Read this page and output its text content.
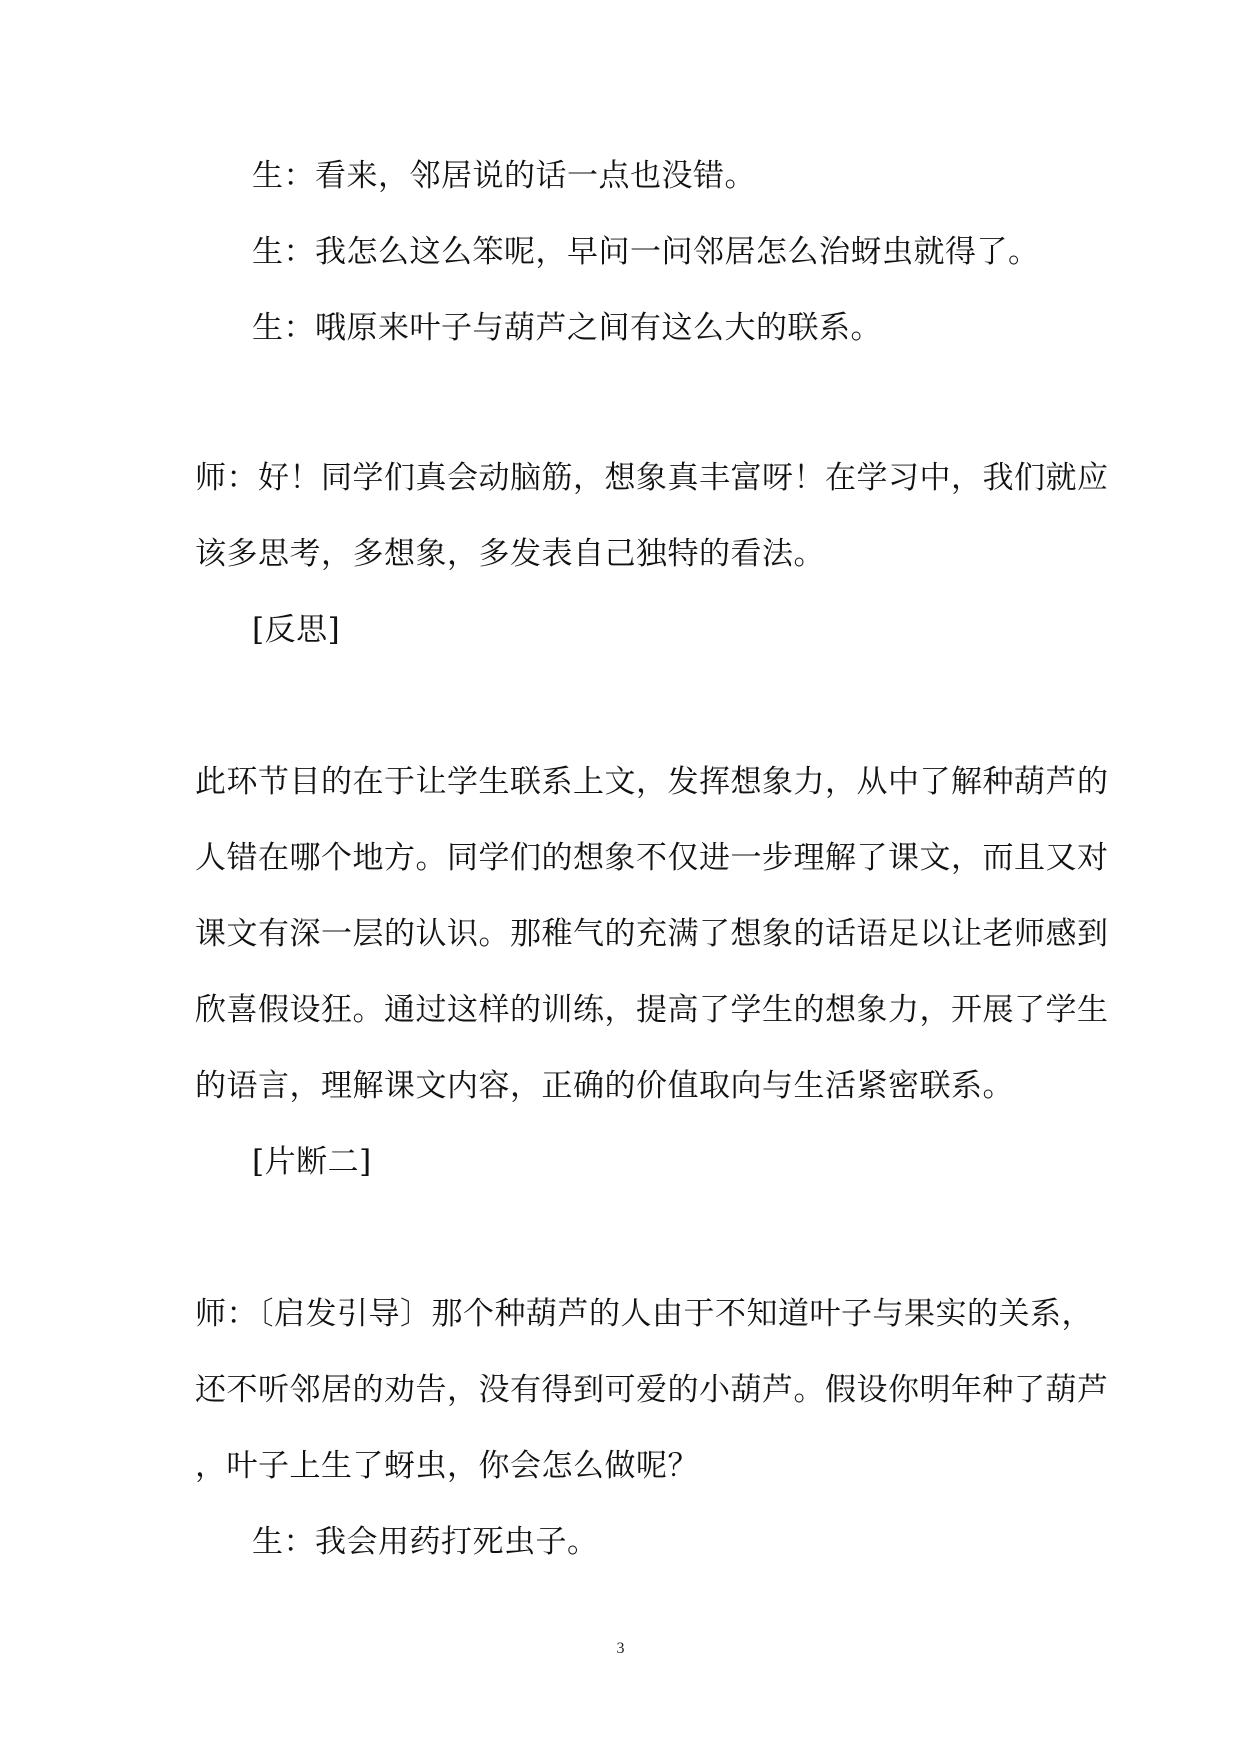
生：看来，邻居说的话一点也没错。
生：我怎么这么笨呢，早问一问邻居怎么治蚜虫就得了。
生：哦原来叶子与葫芦之间有这么大的联系。
师：好！同学们真会动脑筋，想象真丰富呀！在学习中，我们就应
该多思考，多想象，多发表自己独特的看法。
[反思]
此环节目的在于让学生联系上文，发挥想象力，从中了解种葫芦的
人错在哪个地方。同学们的想象不仅进一步理解了课文，而且又对
课文有深一层的认识。那稚气的充满了想象的话语足以让老师感到
欣喜假设狂。通过这样的训练，提高了学生的想象力，开展了学生
的语言，理解课文内容，正确的价值取向与生活紧密联系。
[片断二]
师：〔启发引导〕那个种葫芦的人由于不知道叶子与果实的关系，
还不听邻居的劝告，没有得到可爱的小葫芦。假设你明年种了葫芦
，叶子上生了蚜虫，你会怎么做呢？
生：我会用药打死虫子。
3
